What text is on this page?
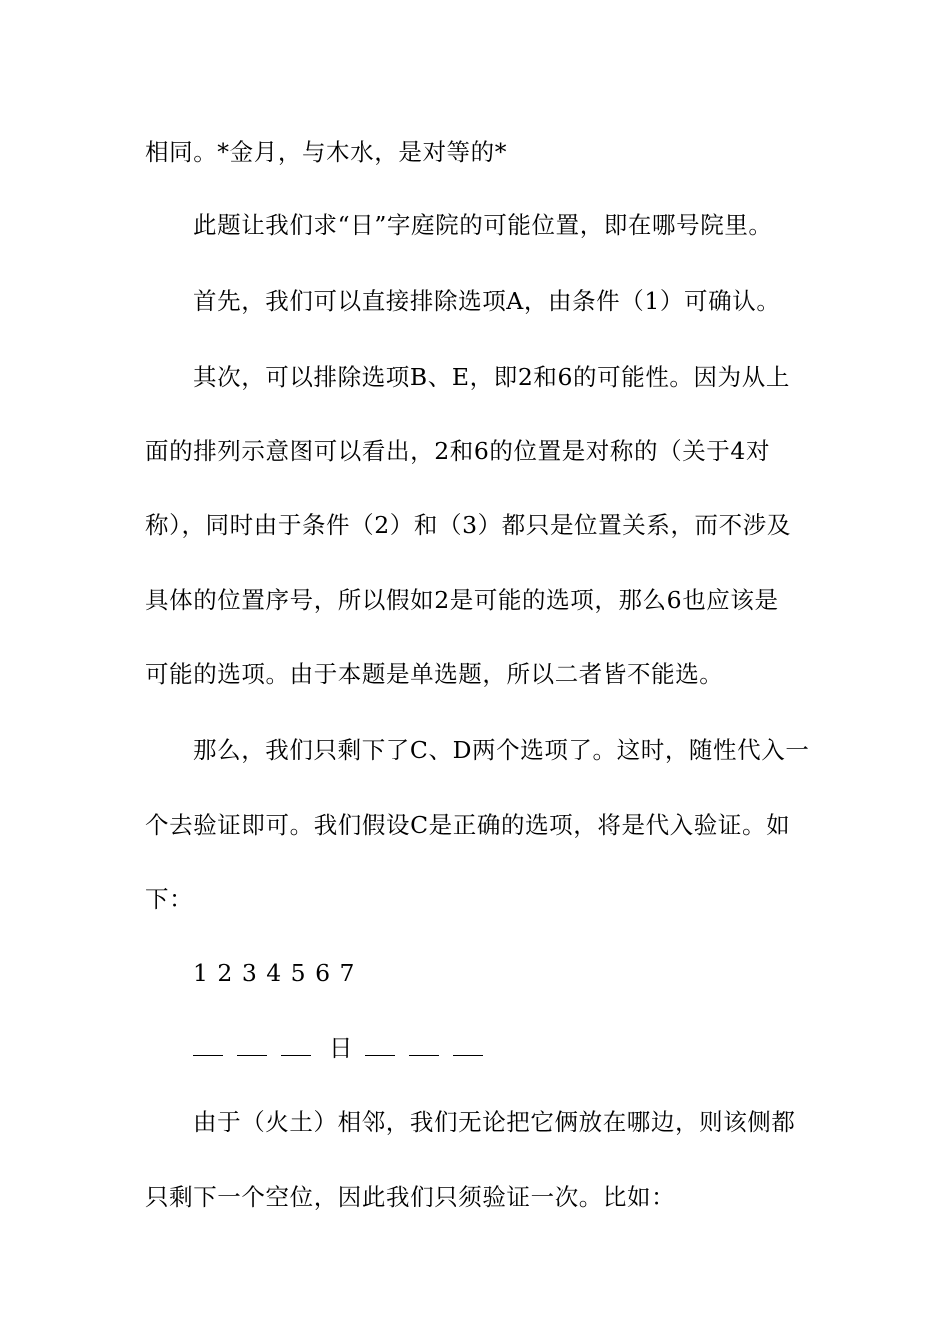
相同。*金月，与木水，是对等的*
此题让我们求“日”字庭院的可能位置，即在哪号院里。
首先，我们可以直接排除选项A，由条件（1）可确认。
其次，可以排除选项B、E，即2和6的可能性。因为从上
面的排列示意图可以看出，2和6的位置是对称的（关于4对
称），同时由于条件（2）和（3）都只是位置关系，而不涉及
具体的位置序号，所以假如2是可能的选项，那么6也应该是
可能的选项。由于本题是单选题，所以二者皆不能选。
那么，我们只剩下了C、D两个选项了。这时，随性代入一
个去验证即可。我们假设C是正确的选项，将是代入验证。如
下：
1 2 3 4 5 6 7
日
由于（火土）相邻，我们无论把它俩放在哪边，则该侧都
只剩下一个空位，因此我们只须验证一次。比如：
